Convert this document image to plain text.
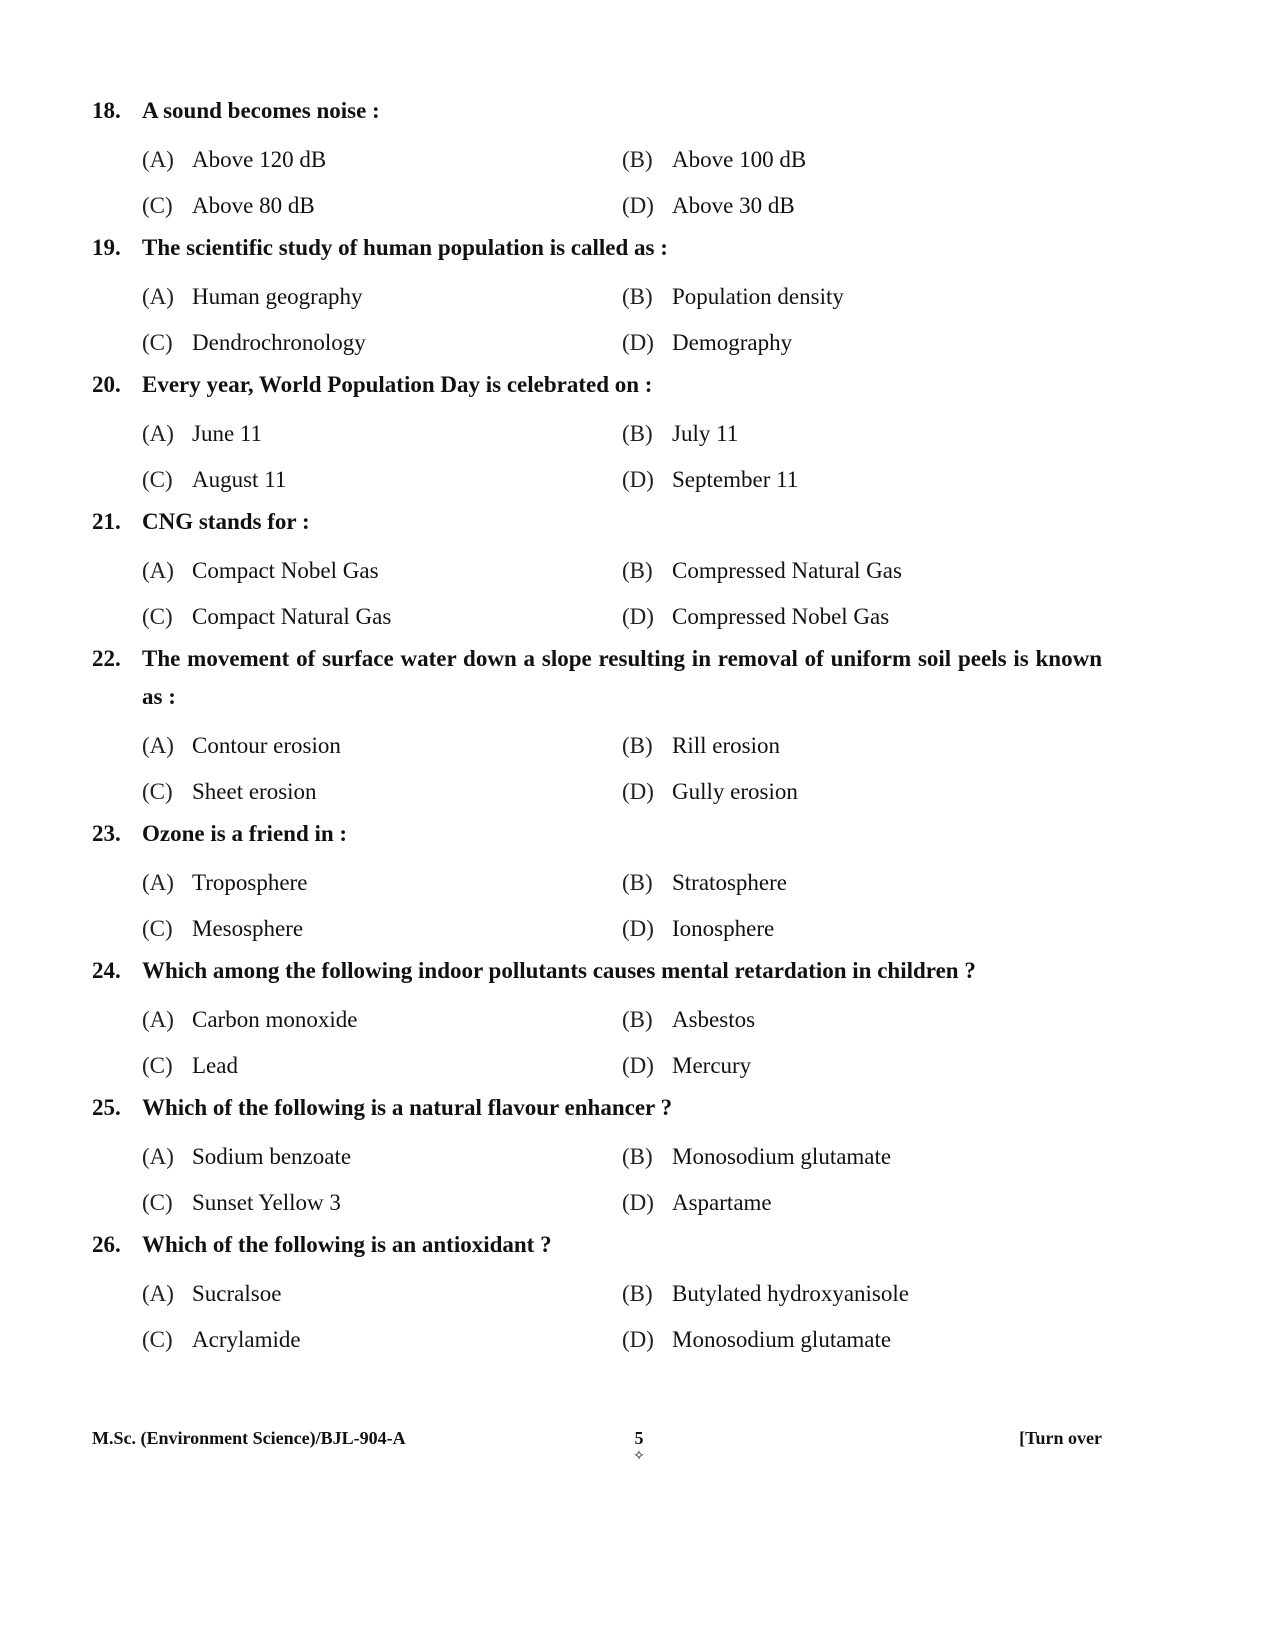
18. A sound becomes noise :
(A) Above 120 dB	(B) Above 100 dB
(C) Above 80 dB	(D) Above 30 dB
19. The scientific study of human population is called as :
(A) Human geography	(B) Population density
(C) Dendrochronology	(D) Demography
20. Every year, World Population Day is celebrated on :
(A) June 11	(B) July 11
(C) August 11	(D) September 11
21. CNG stands for :
(A) Compact Nobel Gas	(B) Compressed Natural Gas
(C) Compact Natural Gas	(D) Compressed Nobel Gas
22. The movement of surface water down a slope resulting in removal of uniform soil peels is known as :
(A) Contour erosion	(B) Rill erosion
(C) Sheet erosion	(D) Gully erosion
23. Ozone is a friend in :
(A) Troposphere	(B) Stratosphere
(C) Mesosphere	(D) Ionosphere
24. Which among the following indoor pollutants causes mental retardation in children ?
(A) Carbon monoxide	(B) Asbestos
(C) Lead	(D) Mercury
25. Which of the following is a natural flavour enhancer ?
(A) Sodium benzoate	(B) Monosodium glutamate
(C) Sunset Yellow 3	(D) Aspartame
26. Which of the following is an antioxidant ?
(A) Sucralsoe	(B) Butylated hydroxyanisole
(C) Acrylamide	(D) Monosodium glutamate
M.Sc. (Environment Science)/BJL-904-A	5
✧
[Turn over
